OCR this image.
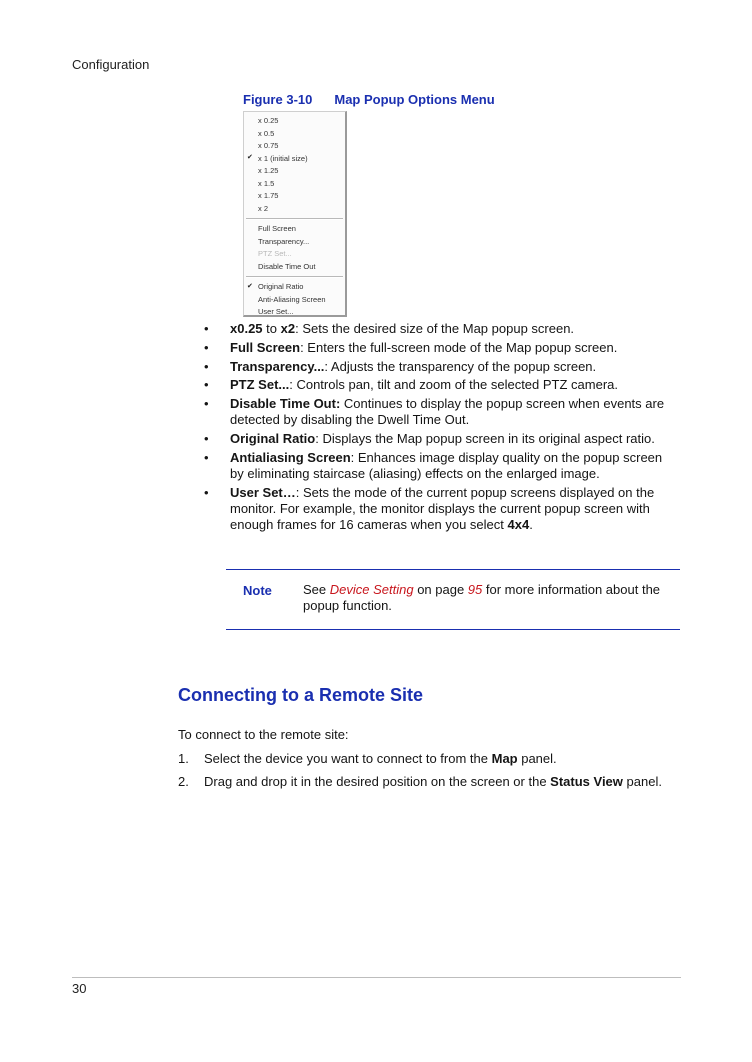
Configuration
Figure 3-10 Map Popup Options Menu
x 0.25
x 0.5
x 0.75
✔ x 1 (initial size)
x 1.25
x 1.5
x 1.75
x 2
Full Screen
Transparency...
PTZ Set...
Disable Time Out
✔ Original Ratio
Anti-Aliasing Screen
User Set...
• x0.25 to x2: Sets the desired size of the Map popup screen.
• Full Screen: Enters the full-screen mode of the Map popup screen.
• Transparency...: Adjusts the transparency of the popup screen.
• PTZ Set...: Controls pan, tilt and zoom of the selected PTZ camera.
• Disable Time Out: Continues to display the popup screen when events are detected by disabling the Dwell Time Out.
• Original Ratio: Displays the Map popup screen in its original aspect ratio.
• Antialiasing Screen: Enhances image display quality on the popup screen by eliminating staircase (aliasing) effects on the enlarged image.
• User Set…: Sets the mode of the current popup screens displayed on the monitor. For example, the monitor displays the current popup screen with enough frames for 16 cameras when you select 4x4.
Note See Device Setting on page 95 for more information about the popup function.
Connecting to a Remote Site
To connect to the remote site:
1. Select the device you want to connect to from the Map panel.
2. Drag and drop it in the desired position on the screen or the Status View panel.
30
